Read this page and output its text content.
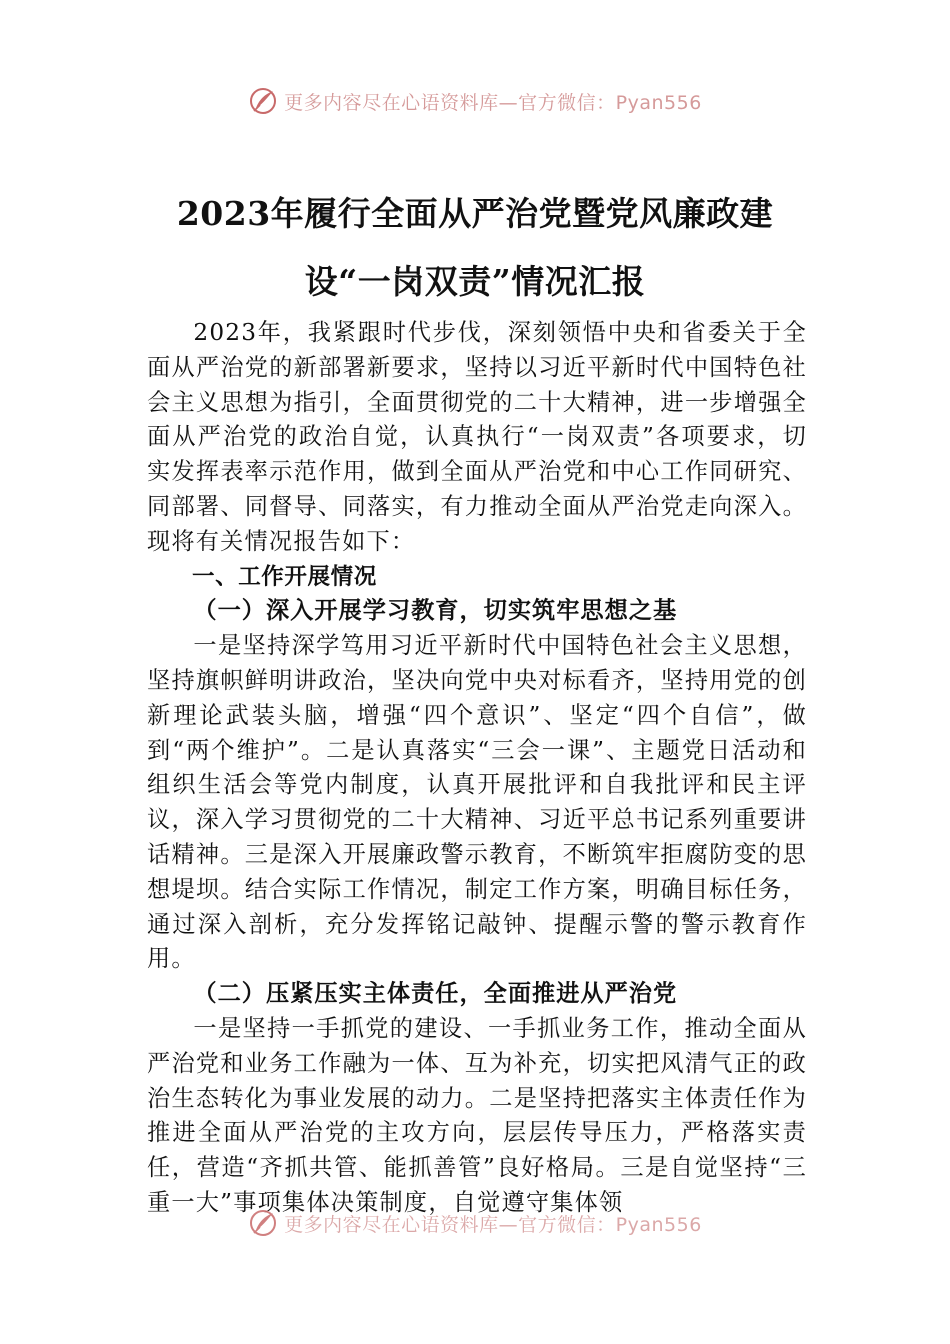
更多内容尽在心语资料库—官方微信：Pyan556
2023年履行全面从严治党暨党风廉政建
设“一岗双责”情况汇报

2023年，我紧跟时代步伐，深刻领悟中央和省委关于全面从严治党的新部署新要求，坚持以习近平新时代中国特色社会主义思想为指引，全面贯彻党的二十大精神，进一步增强全面从严治党的政治自觉，认真执行“一岗双责”各项要求，切实发挥表率示范作用，做到全面从严治党和中心工作同研究、同部署、同督导、同落实，有力推动全面从严治党走向深入。现将有关情况报告如下：

一、工作开展情况

（一）深入开展学习教育，切实筑牢思想之基

一是坚持深学笃用习近平新时代中国特色社会主义思想，坚持旗帜鲜明讲政治，坚决向党中央对标看齐，坚持用党的创新理论武装头脑，增强“四个意识”、坚定“四个自信”，做到“两个维护”。二是认真落实“三会一课”、主题党日活动和组织生活会等党内制度，认真开展批评和自我批评和民主评议，深入学习贯彻党的二十大精神、习近平总书记系列重要讲话精神。三是深入开展廉政警示教育，不断筑牢拒腐防变的思想堤坝。结合实际工作情况，制定工作方案，明确目标任务，通过深入剖析，充分发挥铭记敲钟、提醒示警的警示教育作用。

（二）压紧压实主体责任，全面推进从严治党

一是坚持一手抓党的建设、一手抓业务工作，推动全面从严治党和业务工作融为一体、互为补充，切实把风清气正的政治生态转化为事业发展的动力。二是坚持把落实主体责任作为推进全面从严治党的主攻方向，层层传导压力，严格落实责任，营造“齐抓共管、能抓善管”良好格局。三是自觉坚持“三重一大”事项集体决策制度，自觉遵守集体领

更多内容尽在心语资料库—官方微信：Pyan556
